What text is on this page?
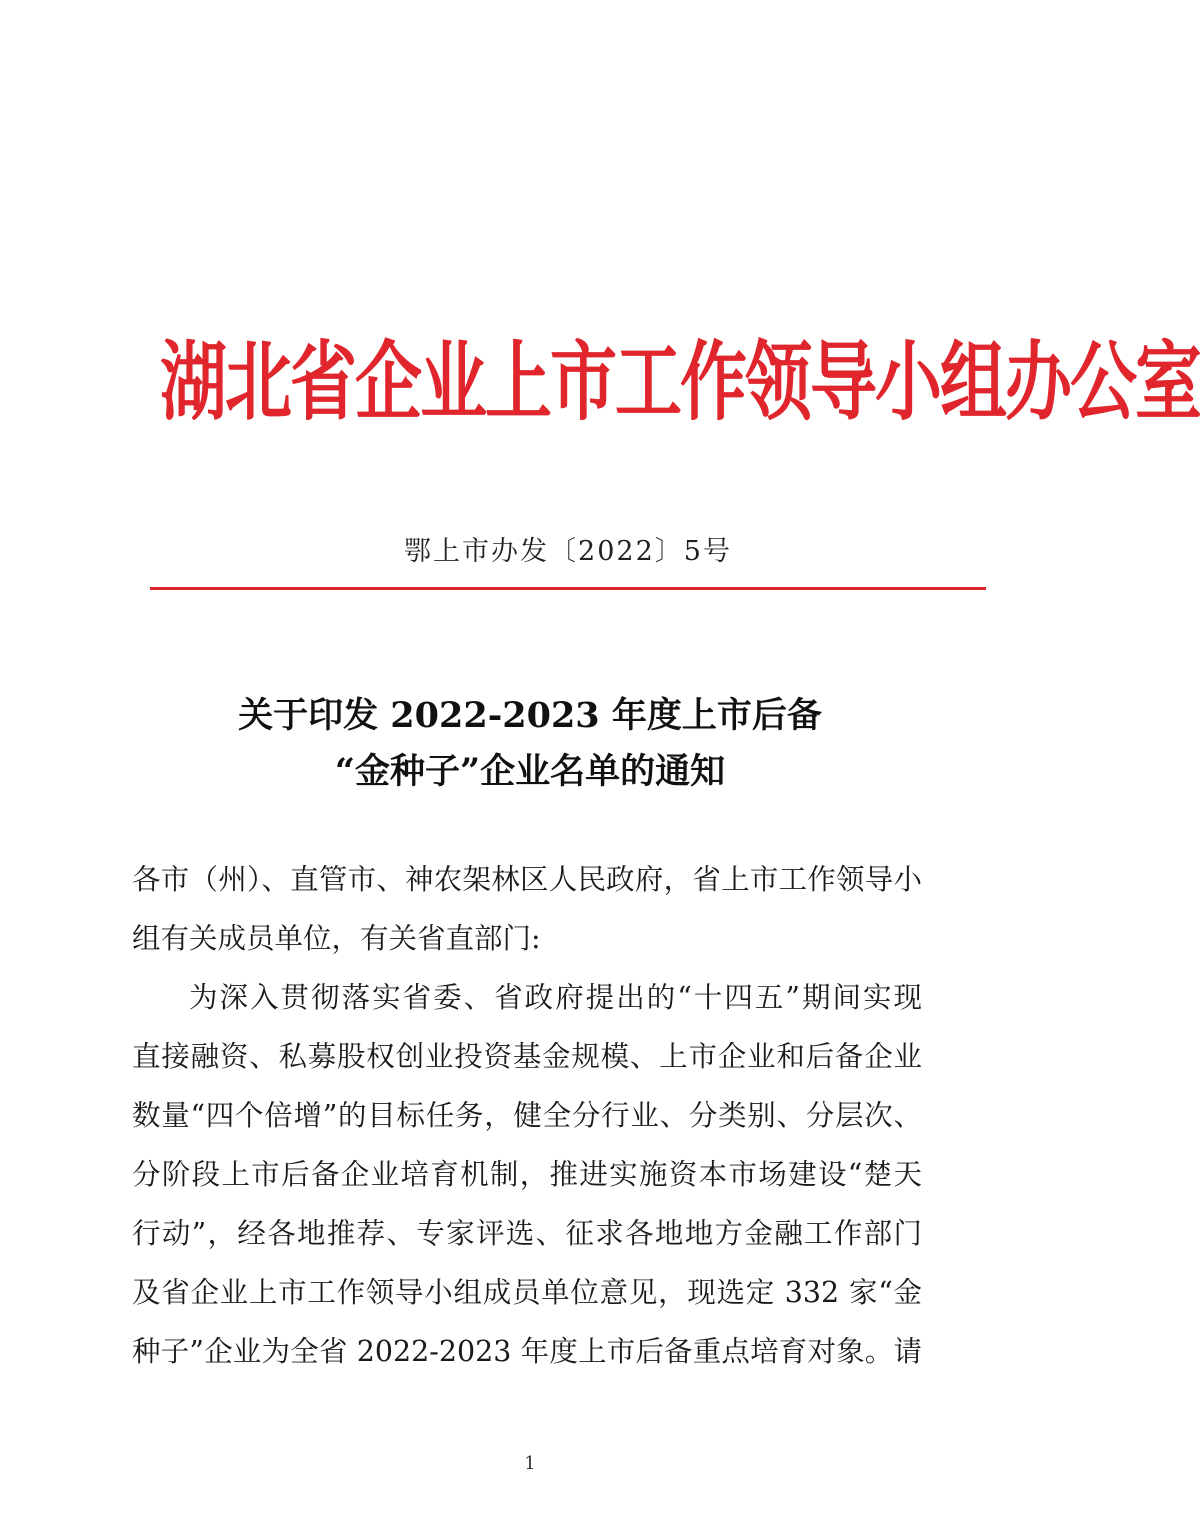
湖北省企业上市工作领导小组办公室
鄂上市办发〔2022〕5号
关于印发 2022-2023 年度上市后备
“金种子”企业名单的通知
各市（州）、直管市、神农架林区人民政府，省上市工作领导小
组有关成员单位，有关省直部门:
为深入贯彻落实省委、省政府提出的“十四五”期间实现
直接融资、私募股权创业投资基金规模、上市企业和后备企业
数量“四个倍增”的目标任务，健全分行业、分类别、分层次、
分阶段上市后备企业培育机制，推进实施资本市场建设“楚天
行动”，经各地推荐、专家评选、征求各地地方金融工作部门
及省企业上市工作领导小组成员单位意见，现选定 332 家“金
种子”企业为全省 2022-2023 年度上市后备重点培育对象。请
1
